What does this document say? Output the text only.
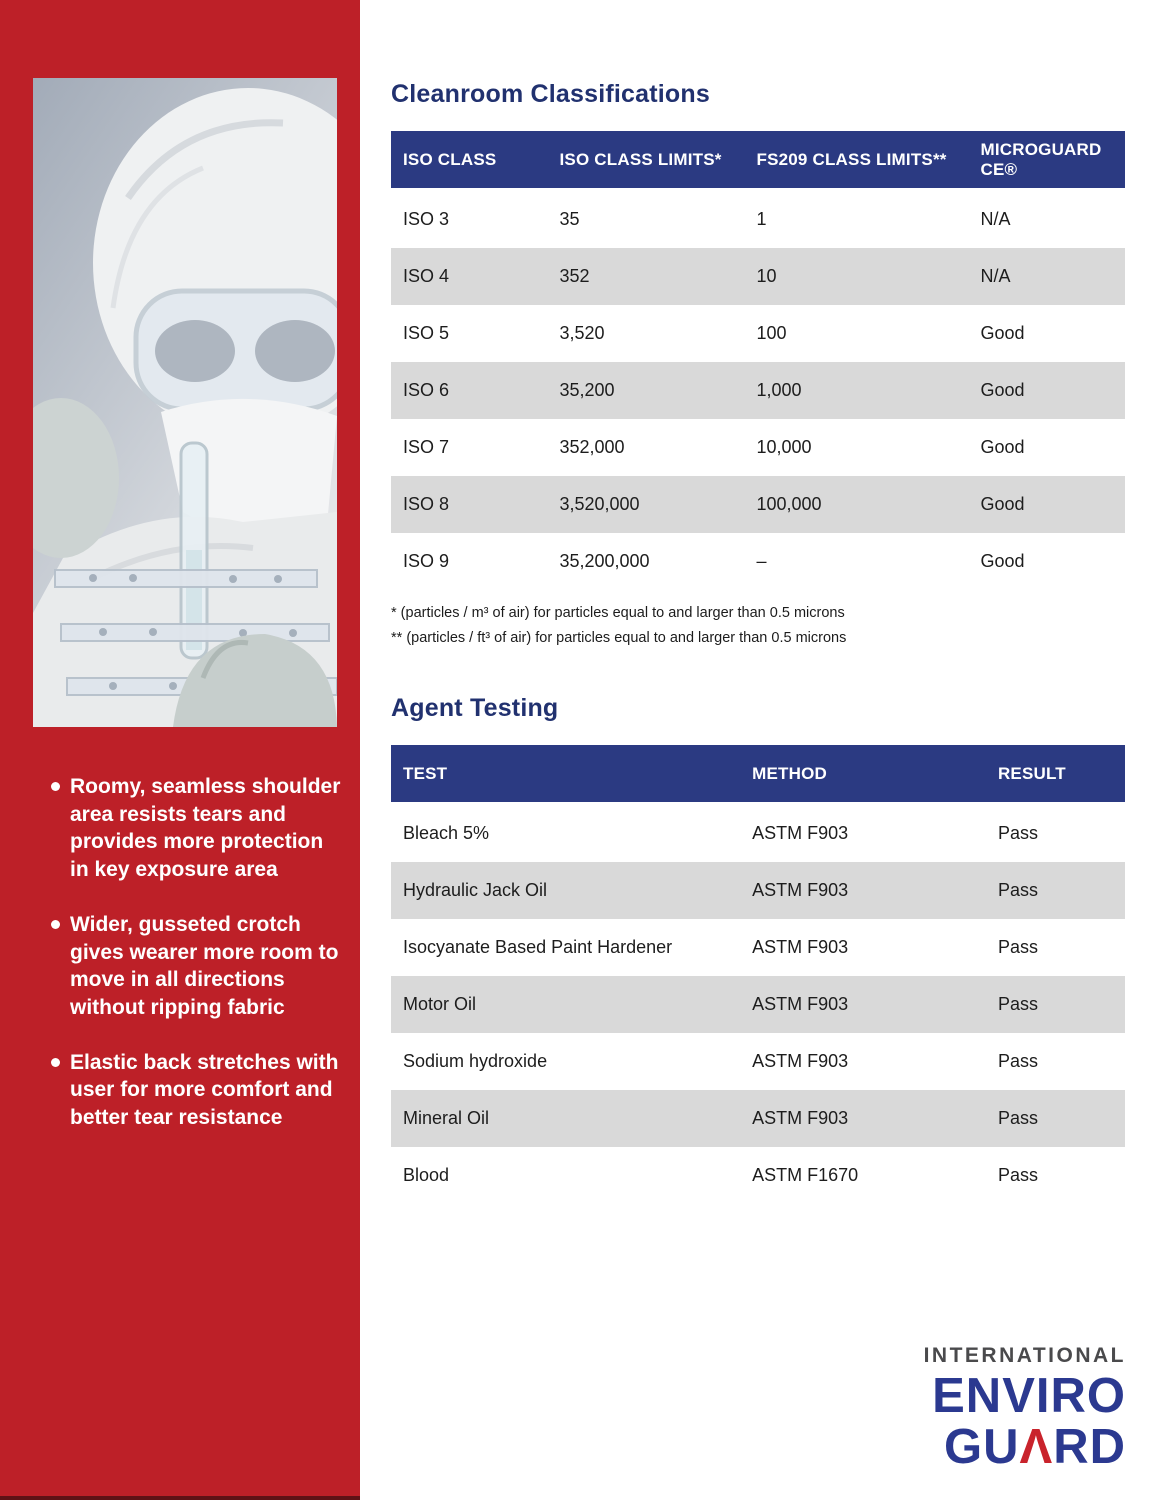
Roomy, seamless shoulder area resists tears and provides more protection in key exposure area
Wider, gusseted crotch gives wearer more room to move in all directions without ripping fabric
Elastic back stretches with user for more comfort and better tear resistance
Cleanroom Classifications
ISO CLASS	ISO CLASS LIMITS*	FS209 CLASS LIMITS**	MICROGUARD CE®
ISO 3	35	1	N/A
ISO 4	352	10	N/A
ISO 5	3,520	100	Good
ISO 6	35,200	1,000	Good
ISO 7	352,000	10,000	Good
ISO 8	3,520,000	100,000	Good
ISO 9	35,200,000	–	Good

* (particles / m³ of air) for particles equal to and larger than 0.5 microns

** (particles / ft³ of air) for particles equal to and larger than 0.5 microns

Agent Testing
TEST	METHOD	RESULT
Bleach 5%	ASTM F903	Pass
Hydraulic Jack Oil	ASTM F903	Pass
Isocyanate Based Paint Hardener	ASTM F903	Pass
Motor Oil	ASTM F903	Pass
Sodium hydroxide	ASTM F903	Pass
Mineral Oil	ASTM F903	Pass
Blood	ASTM F1670	Pass
INTERNATIONAL
ENVIRO
GUΛRD
